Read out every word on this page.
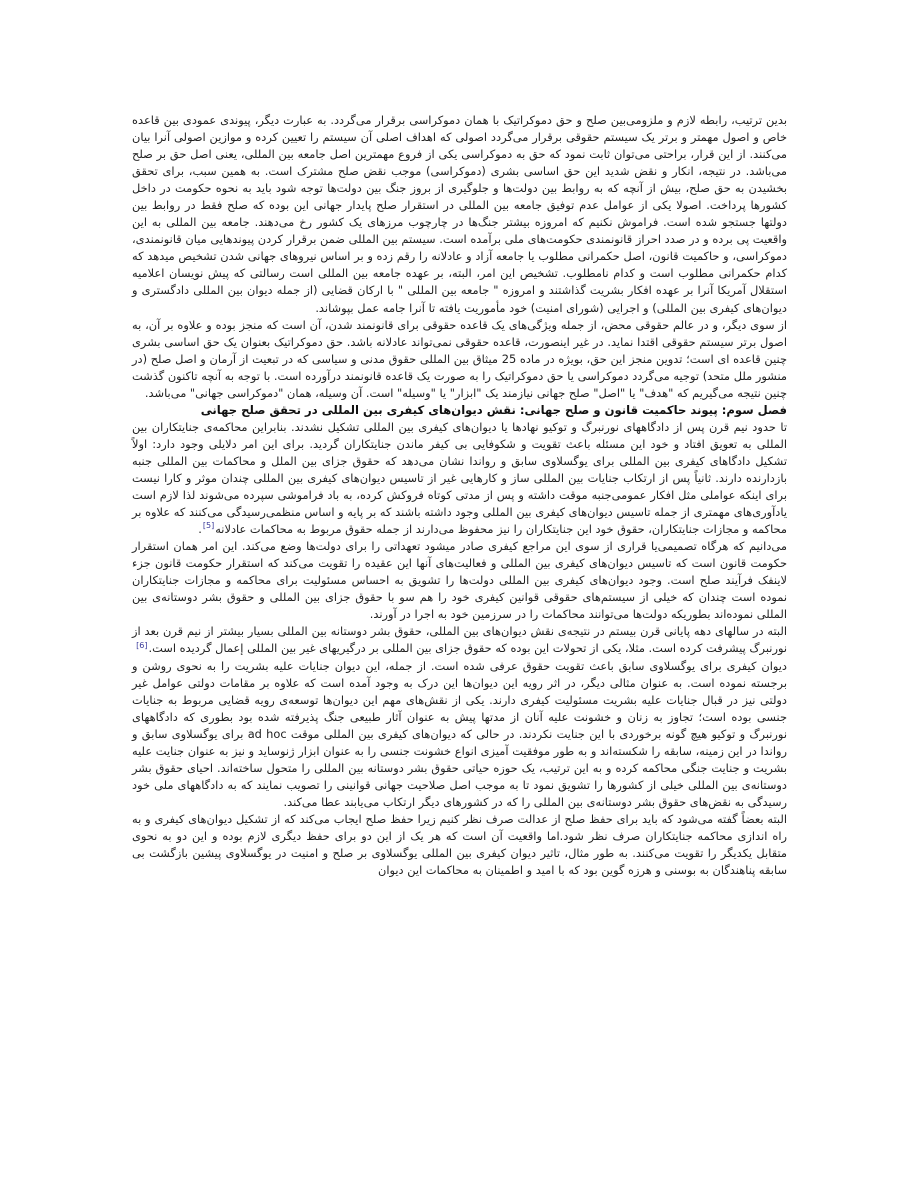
بدین ترتیب، رابطه لازم و ملزومی‌بین صلح و حق دموکراتیک با همان دموکراسی برقرار می‌گردد. به عبارت دیگر، پیوندی عمودی بین قاعده خاص و اصول مهمتر و برتر یک سیستم حقوقی برقرار می‌گردد اصولی که اهداف اصلی آن سیستم را تعیین کرده و موازین اصولی آنرا بیان می‌کنند. از این قرار، براحتی می‌توان ثابت نمود که حق به دموکراسی یکی از فروع مهمترین اصل جامعه بین المللی، یعنی اصل حق بر صلح می‌باشد. در نتیجه، انکار و نقض شدید این حق اساسی بشری (دموکراسی) موجب نقض صلح مشترک است. به همین سبب، برای تحقق بخشیدن به حق صلح، بیش از آنچه که به روابط بین دولت‌ها و جلوگیری از بروز جنگ بین دولت‌ها توجه شود باید به نحوه حکومت در داخل کشورها پرداخت. اصولا یکی از عوامل عدم توفیق جامعه بین المللی در استقرار صلح پایدار جهانی این بوده که صلح فقط در روابط بین دولتها جستجو شده است. فراموش نکنیم که امروزه بیشتر جنگ‌ها در چارچوب مرزهای یک کشور رخ می‌دهند. جامعه بین المللی به این واقعیت پی برده و در صدد احراز قانونمندی حکومت‌های ملی برآمده است. سیستم بین المللی ضمن برقرار کردن پیوندهایی میان قانونمندی، دموکراسی، و حاکمیت قانون، اصل حکمرانی مطلوب یا جامعه آزاد و عادلانه را رقم زده و بر اساس نیروهای جهانی شدن تشخیص میدهد که کدام حکمرانی مطلوب است و کدام نامطلوب. تشخیص این امر، البته، بر عهده جامعه بین المللی است رسالتی که پیش نویسان اعلامیه استقلال آمریکا آنرا بر عهده افکار بشریت گذاشتند و امروزه " جامعه بین المللی " با ارکان قضایی (از جمله دیوان بین المللی دادگستری و دیوان‌های کیفری بین المللی) و اجرایی (شورای امنیت) خود مأموریت یافته تا آنرا جامه عمل بپوشاند.

از سوی دیگر، و در عالم حقوقی محض، از جمله ویژگی‌های یک قاعده حقوقی برای قانونمند شدن، آن است که منجز بوده و علاوه بر آن، به اصول برتر سیستم حقوقی اقتدا نماید. در غیر اینصورت، قاعده حقوقی نمی‌تواند عادلانه باشد. حق دموکراتیک بعنوان یک حق اساسی بشری چنین قاعده ای است؛ تدوین منجز این حق، بویژه در ماده 25 میثاق بین المللی حقوق مدنی و سیاسی که در تبعیت از آرمان و اصل صلح (در منشور ملل متحد) توجیه می‌گردد دموکراسی یا حق دموکراتیک را به صورت یک قاعده قانونمند درآورده است. با توجه به آنچه تاکنون گذشت چنین نتیجه می‌گیریم که "هدف" یا "اصل" صلح جهانی نیازمند یک "ابزار" یا "وسیله" است. آن وسیله، همان "دموکراسی جهانی" می‌باشد.

فصل سوم: پیوند حاکمیت قانون و صلح جهانی: نقش دیوان‌های کیفری بین المللی در تحقق صلح جهانی

تا حدود نیم قرن پس از دادگاههای نورنبرگ و توکیو نهادها یا دیوان‌های کیفری بین المللی تشکیل نشدند. بنابراین محاکمه‌ی جنایتکاران بین المللی به تعویق افتاد و خود این مسئله باعث تقویت و شکوفایی بی کیفر ماندن جنایتکاران گردید. برای این امر دلایلی وجود دارد: اولاً تشکیل دادگاهای کیفری بین المللی برای یوگسلاوی سابق و رواندا نشان می‌دهد که حقوق جزای بین الملل و محاکمات بین المللی جنبه بازدارنده دارند. ثانیاً پس از ارتکاب جنایات بین المللی ساز و کارهایی غیر از تاسیس دیوان‌های کیفری بین المللی چندان موثر و کارا نیست برای اینکه عواملی مثل افکار عمومی‌جنبه موقت داشته و پس از مدتی کوتاه فروکش کرده، به باد فراموشی سپرده می‌شوند لذا لازم است یادآوری‌های مهمتری از جمله تاسیس دیوان‌های کیفری بین المللی وجود داشته باشند که بر پایه و اساس منظمی‌رسیدگی می‌کنند که علاوه بر محاکمه و مجازات جنایتکاران، حقوق خود این جنایتکاران را نیز محفوظ می‌دارند از جمله حقوق مربوط به محاکمات عادلانه[5].

می‌دانیم که هرگاه تصمیمی‌یا قراری از سوی این مراجع کیفری صادر میشود تعهداتی را برای دولت‌ها وضع می‌کند. این امر همان استقرار حکومت قانون است که تاسیس دیوان‌های کیفری بین المللی و فعالیت‌های آنها این عقیده را تقویت می‌کند که استقرار حکومت قانون جزء لاینفک فرآیند صلح است. وجود دیوان‌های کیفری بین المللی دولت‌ها را تشویق به احساس مسئولیت برای محاکمه و مجازات جنایتکاران نموده است چندان که خیلی از سیستم‌های حقوقی قوانین کیفری خود را هم سو با حقوق جزای بین المللی و حقوق بشر دوستانه‌ی بین المللی نموده‌اند بطوریکه دولت‌ها می‌توانند محاکمات را در سرزمین خود به اجرا در آورند.

البته در سالهای دهه پایانی قرن بیستم در نتیجه‌ی نقش دیوان‌های بین المللی، حقوق بشر دوستانه بین المللی بسیار بیشتر از نیم قرن بعد از نورنبرگ پیشرفت کرده است. مثلا، یکی از تحولات این بوده که حقوق جزای بین المللی بر درگیریهای غیر بین المللی إعمال گردیده است.[6]

دیوان کیفری برای یوگسلاوی سابق باعث تقویت حقوق عرفی شده است. از جمله، این دیوان جنایات علیه بشریت را به نحوی روشن و برجسته نموده است. به عنوان مثالی دیگر، در اثر رویه این دیوان‌ها این درک به وجود آمده است که علاوه بر مقامات دولتی عوامل غیر دولتی نیز در قبال جنایات علیه بشریت مسئولیت کیفری دارند. یکی از نقش‌های مهم این دیوان‌ها توسعه‌ی رویه قضایی مربوط به جنایات جنسی بوده است؛ تجاوز به زنان و خشونت علیه آنان از مدتها پیش به عنوان آثار طبیعی جنگ پذیرفته شده بود بطوری که دادگاههای نورنبرگ و توکیو هیچ گونه برخوردی با این جنایت نکردند. در حالی که دیوان‌های کیفری بین المللی موقت ad hoc برای یوگسلاوی سابق و رواندا در این زمینه، سابقه را شکسته‌اند و به طور موفقیت آمیزی انواع خشونت جنسی را به عنوان ابزار ژنوساید و نیز به عنوان جنایت علیه بشریت و جنایت جنگی محاکمه کرده و به این ترتیب، یک حوزه حیاتی حقوق بشر دوستانه بین المللی را متحول ساخته‌اند. احیای حقوق بشر دوستانه‌ی بین المللی خیلی از کشورها را تشویق نمود تا به موجب اصل صلاحیت جهانی قوانینی را تصویب نمایند که به دادگاههای ملی خود رسیدگی به نقض‌های حقوق بشر دوستانه‌ی بین المللی را که در کشورهای دیگر ارتکاب می‌یابند عطا می‌کند.

البته بعضاً گفته می‌شود که باید برای حفظ صلح از عدالت صرف نظر کنیم زیرا حفظ صلح ایجاب می‌کند که از تشکیل دیوان‌های کیفری و به راه اندازی محاکمه جنایتکاران صرف نظر شود.اما واقعیت آن است که هر یک از این دو برای حفظ دیگری لازم بوده و این دو به نحوی متقابل یکدیگر را تقویت می‌کنند. به طور مثال، تاثیر دیوان کیفری بین المللی یوگسلاوی بر صلح و امنیت در یوگسلاوی پیشین بازگشت بی سابقه پناهندگان به بوسنی و هرزه گوین بود که با امید و اطمینان به محاکمات این دیوان
